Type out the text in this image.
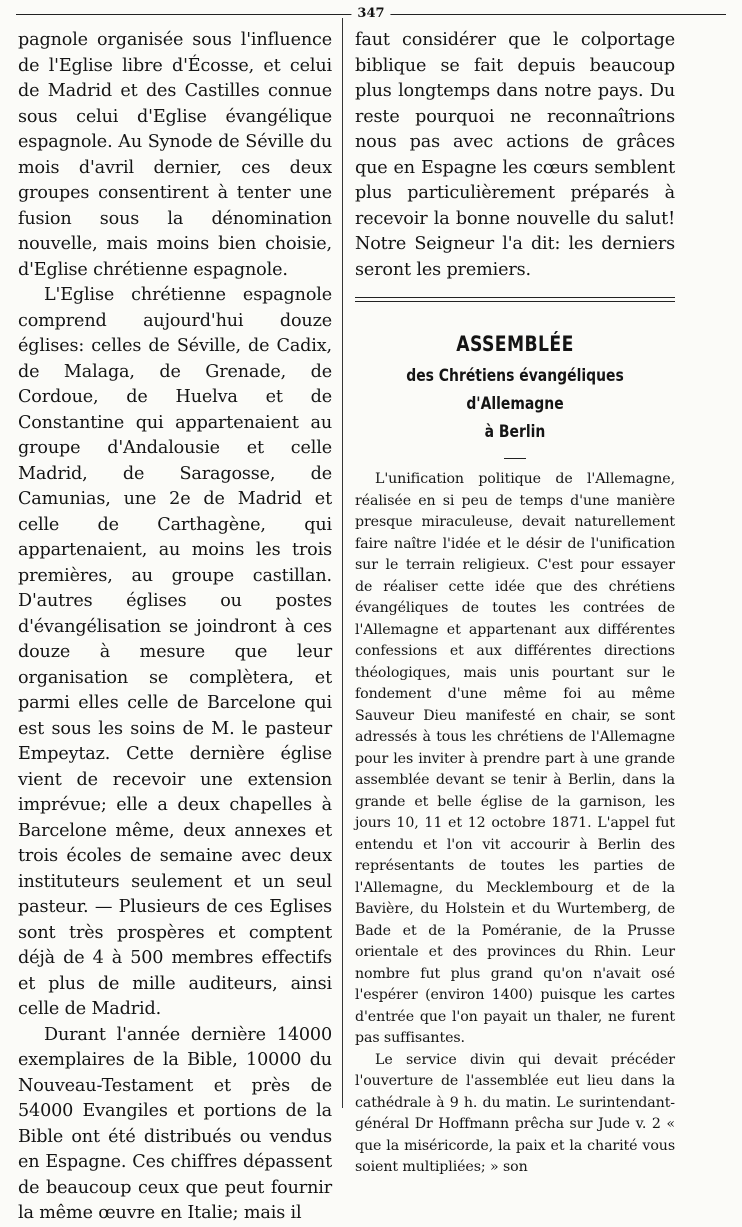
347

pagnole organisée sous l'influence de l'Eglise libre d'Écosse, et celui de Madrid et des Castilles connue sous celui d'Eglise évangélique espagnole. Au Synode de Séville du mois d'avril dernier, ces deux groupes consentirent à tenter une fusion sous la dénomination nouvelle, mais moins bien choisie, d'Eglise chrétienne espagnole.

L'Eglise chrétienne espagnole comprend aujourd'hui douze églises: celles de Séville, de Cadix, de Malaga, de Grenade, de Cordoue, de Huelva et de Constantine qui appartenaient au groupe d'Andalousie et celle Madrid, de Saragosse, de Camunias, une 2e de Madrid et celle de Carthagène, qui appartenaient, au moins les trois premières, au groupe castillan. D'autres églises ou postes d'évangélisation se joindront à ces douze à mesure que leur organisation se complètera, et parmi elles celle de Barcelone qui est sous les soins de M. le pasteur Empeytaz. Cette dernière église vient de recevoir une extension imprévue; elle a deux chapelles à Barcelone même, deux annexes et trois écoles de semaine avec deux instituteurs seulement et un seul pasteur. — Plusieurs de ces Eglises sont très prospères et comptent déjà de 4 à 500 membres effectifs et plus de mille auditeurs, ainsi celle de Madrid.

Durant l'année dernière 14000 exemplaires de la Bible, 10000 du Nouveau-Testament et près de 54000 Evangiles et portions de la Bible ont été distribués ou vendus en Espagne. Ces chiffres dépassent de beaucoup ceux que peut fournir la même œuvre en Italie; mais il

faut considérer que le colportage biblique se fait depuis beaucoup plus longtemps dans notre pays. Du reste pourquoi ne reconnaîtrions nous pas avec actions de grâces que en Espagne les cœurs semblent plus particulièrement préparés à recevoir la bonne nouvelle du salut! Notre Seigneur l'a dit: les derniers seront les premiers.

ASSEMBLÉE
des Chrétiens évangéliques d'Allemagne
à Berlin

L'unification politique de l'Allemagne, réalisée en si peu de temps d'une manière presque miraculeuse, devait naturellement faire naître l'idée et le désir de l'unification sur le terrain religieux. C'est pour essayer de réaliser cette idée que des chrétiens évangéliques de toutes les contrées de l'Allemagne et appartenant aux différentes confessions et aux différentes directions théologiques, mais unis pourtant sur le fondement d'une même foi au même Sauveur Dieu manifesté en chair, se sont adressés à tous les chrétiens de l'Allemagne pour les inviter à prendre part à une grande assemblée devant se tenir à Berlin, dans la grande et belle église de la garnison, les jours 10, 11 et 12 octobre 1871. L'appel fut entendu et l'on vit accourir à Berlin des représentants de toutes les parties de l'Allemagne, du Mecklembourg et de la Bavière, du Holstein et du Wurtemberg, de Bade et de la Poméranie, de la Prusse orientale et des provinces du Rhin. Leur nombre fut plus grand qu'on n'avait osé l'espérer (environ 1400) puisque les cartes d'entrée que l'on payait un thaler, ne furent pas suffisantes.

Le service divin qui devait précéder l'ouverture de l'assemblée eut lieu dans la cathédrale à 9 h. du matin. Le surintendant-général Dr Hoffmann prêcha sur Jude v. 2 « que la miséricorde, la paix et la charité vous soient multipliées; » son
